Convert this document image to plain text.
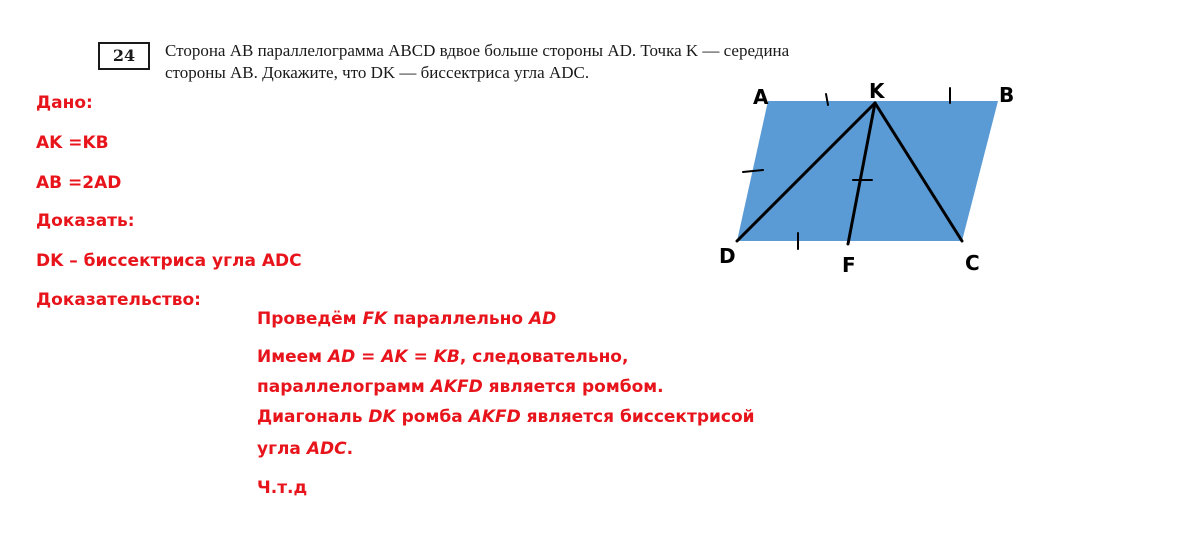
24	Сторона AB параллелограмма ABCD вдвое больше стороны AD. Точка K — середина

стороны AB. Докажите, что DK — биссектриса угла ADC.

Дано:

AK =KB

AB =2AD

Доказать:

DK – биссектриса угла ADC

Доказательство:

Проведём FK параллельно AD

Имеем AD = AK = KB, следовательно,

параллелограмм AKFD является ромбом.

Диагональ DK ромба AKFD является биссектрисой

угла ADC.

Ч.т.д

A	K	B
D	F	C
